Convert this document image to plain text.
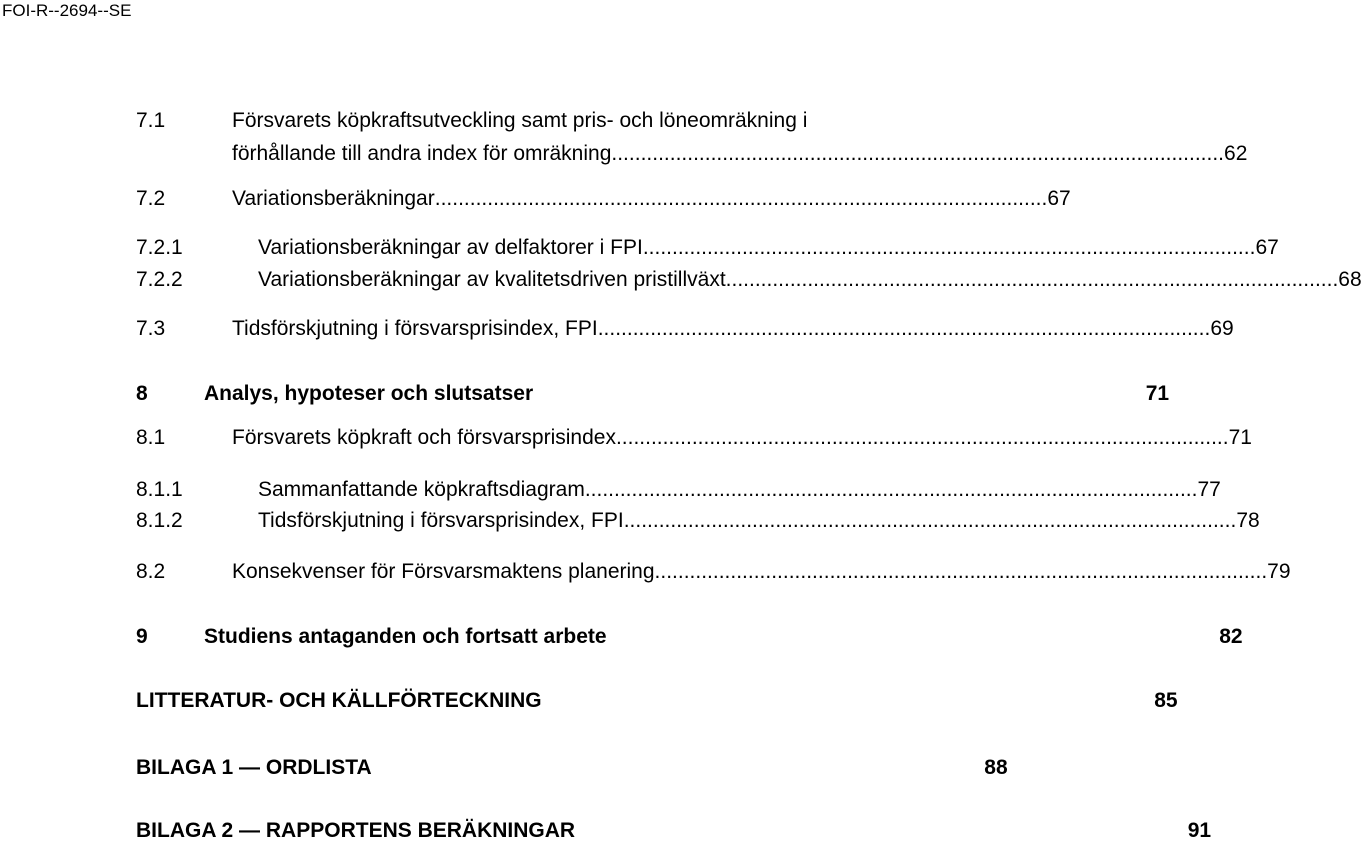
FOI-R--2694--SE
7.1	Försvarets köpkraftsutveckling samt pris- och löneomräkning i
förhållande till andra index för omräkning ......................................................................................................... 62
7.2	Variationsberäkningar ......................................................................................................... 67
7.2.1	Variationsberäkningar av delfaktorer i FPI ......................................................................................................... 67
7.2.2	Variationsberäkningar av kvalitetsdriven pristillväxt ......................................................................................................... 68
7.3	Tidsförskjutning i försvarsprisindex, FPI ......................................................................................................... 69
8	Analys, hypoteser och slutsatser	71
8.1	Försvarets köpkraft och försvarsprisindex ......................................................................................................... 71
8.1.1	Sammanfattande köpkraftsdiagram ......................................................................................................... 77
8.1.2	Tidsförskjutning i försvarsprisindex, FPI ......................................................................................................... 78
8.2	Konsekvenser för Försvarsmaktens planering ......................................................................................................... 79
9	Studiens antaganden och fortsatt arbete	82
LITTERATUR- OCH KÄLLFÖRTECKNING	85
BILAGA 1 — ORDLISTA	88
BILAGA 2 — RAPPORTENS BERÄKNINGAR	91
